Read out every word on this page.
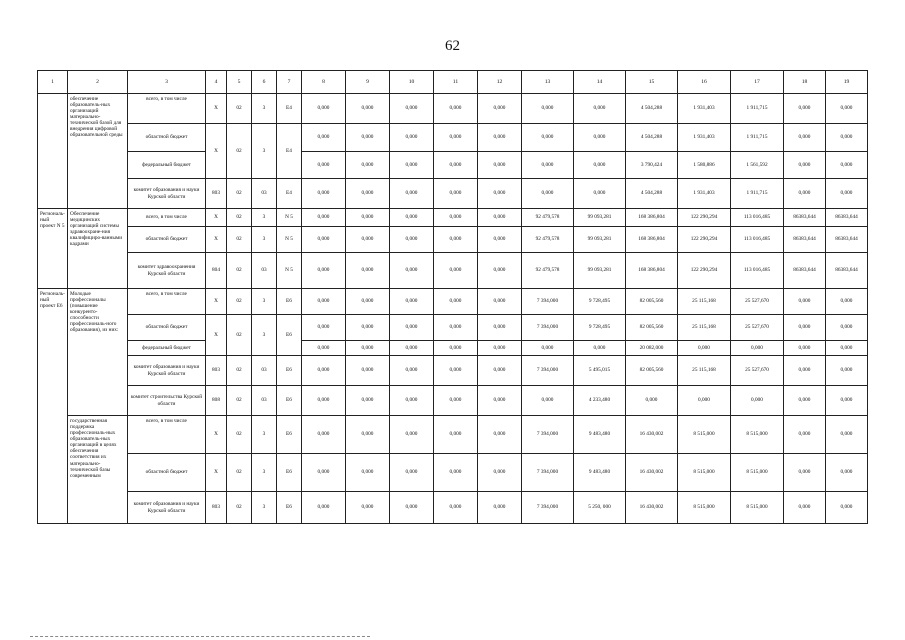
62
1	2	3	4	5	6	7	8	9	10	11	12	13	14	15	16	17	18	19
	обеспечение образователь-ных организаций материально-технической базой для внедрения цифровой образовательной среды	всего, в том числе	X	02	3	E4	0,000	0,000	0,000	0,000	0,000	0,000	0,000	4 504,288	1 931,403	1 911,715	0,000	0,000
		областной бюджет	X	02	3	E4	0,000	0,000	0,000	0,000	0,000	0,000	0,000	4 504,288	1 931,403	1 911,715	0,000	0,000
		федеральный бюджет					0,000	0,000	0,000	0,000	0,000	0,000	0,000	3 790,424	1 580,886	1 561,592	0,000	0,000
		комитет образования и науки Курской области	803	02	03	E4	0,000	0,000	0,000	0,000	0,000	0,000	0,000	4 504,288	1 931,403	1 911,715	0,000	0,000
Региональ-ный проект N 5	Обеспечение медицинских организаций системы здравоохране-ния квалифициро-ванными кадрами	всего, в том числе	X	02	3	N 5	0,000	0,000	0,000	0,000	0,000	92 479,578	99 093,281	168 386,804	122 290,294	113 016,485	86383,644	86383,644
		областной бюджет	X	02	3	N 5	0,000	0,000	0,000	0,000	0,000	92 479,578	99 093,281	168 386,804	122 290,294	113 016,485	86383,644	86383,644
		комитет здравоохранения Курской области	804	02	03	N 5	0,000	0,000	0,000	0,000	0,000	92 479,578	99 093,281	168 386,804	122 290,294	113 016,485	86383,644	86383,644
Региональ-ный проект E6	Молодые профессионалы (повышение конкуренто-способности профессиональ-ного образования), из них:	всего, в том числе	X	02	3	E6	0,000	0,000	0,000	0,000	0,000	7 394,000	9 728,495	82 005,560	25 115,168	25 527,670	0,000	0,000
		областной бюджет	X	02	3	E6	0,000	0,000	0,000	0,000	0,000	7 394,000	9 728,495	82 005,560	25 115,168	25 527,670	0,000	0,000
		федеральный бюджет					0,000	0,000	0,000	0,000	0,000	0,000	0,000	20 082,000	0,000	0,000	0,000	0,000
		комитет образования и науки Курской области	803	02	03	E6	0,000	0,000	0,000	0,000	0,000	7 394,000	5 495,015	82 005,560	25 115,168	25 527,670	0,000	0,000
		комитет строительства Курской области	808	02	03	E6	0,000	0,000	0,000	0,000	0,000	0,000	4 233,480	0,000	0,000	0,000	0,000	0,000
	государственная поддержка профессиональ-ных образователь-ных организаций в целях обеспечения соответствия их материально-технической базы современным	всего, в том числе	X	02	3	E6	0,000	0,000	0,000	0,000	0,000	7 394,000	9 483,480	16 430,002	8 515,000	8 515,000	0,000	0,000
		областной бюджет	X	02	3	E6	0,000	0,000	0,000	0,000	0,000	7 394,000	9 483,480	16 430,002	8 515,000	8 515,000	0,000	0,000
		комитет образования и науки Курской области	803	02	3	E6	0,000	0,000	0,000	0,000	0,000	7 394,000	5 250, 000	16 430,002	8 515,000	8 515,000	0,000	0,000
